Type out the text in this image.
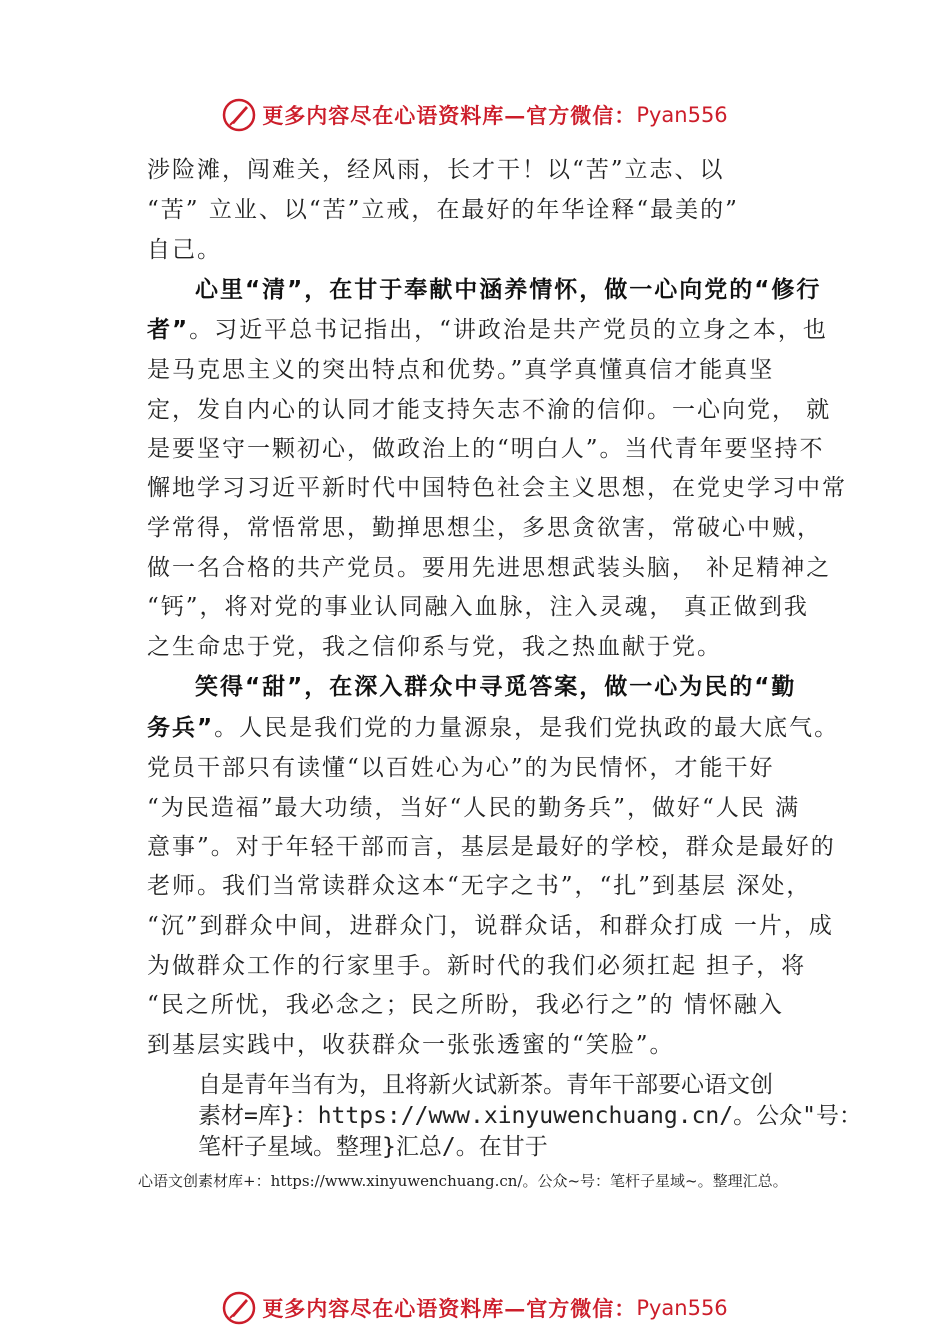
更多内容尽在心语资料库—官方微信： Pyan556
涉险滩，闯难关，经风雨，长才干！以“苦”立志、以
“苦” 立业、以“苦”立戒，在最好的年华诠释“最美的”
自己。
心里“清”，在甘于奉献中涵养情怀，做一心向党的“修行
者”。习近平总书记指出，“讲政治是共产党员的立身之本，也
是马克思主义的突出特点和优势。”真学真懂真信才能真坚
定，发自内心的认同才能支持矢志不渝的信仰。一心向党， 就
是要坚守一颗初心，做政治上的“明白人”。当代青年要坚持不
懈地学习习近平新时代中国特色社会主义思想，在党史学习中常
学常得，常悟常思，勤掸思想尘，多思贪欲害，常破心中贼，
做一名合格的共产党员。要用先进思想武装头脑， 补足精神之
“钙”，将对党的事业认同融入血脉，注入灵魂， 真正做到我
之生命忠于党，我之信仰系与党，我之热血献于党。
笑得“甜”，在深入群众中寻觅答案，做一心为民的“勤
务兵”。人民是我们党的力量源泉，是我们党执政的最大底气。
党员干部只有读懂“以百姓心为心”的为民情怀，才能干好
“为民造福”最大功绩，当好“人民的勤务兵”，做好“人民 满
意事”。对于年轻干部而言，基层是最好的学校，群众是最好的
老师。我们当常读群众这本“无字之书”，“扎”到基层 深处，
“沉”到群众中间，进群众门，说群众话，和群众打成 一片，成
为做群众工作的行家里手。新时代的我们必须扛起 担子，将
“民之所忧，我必念之；民之所盼，我必行之”的 情怀融入
到基层实践中，收获群众一张张透蜜的“笑脸”。
自是青年当有为，且将新火试新茶。青年干部要心语文创
素材=库}：https://www.xinyuwenchuang.cn/。公众"号：
笔杆子星域。整理}汇总/。在甘于
心语文创素材库+：https://www.xinyuwenchuang.cn/。公众~号：笔杆子星域~。整理汇总。
更多内容尽在心语资料库—官方微信： Pyan556
